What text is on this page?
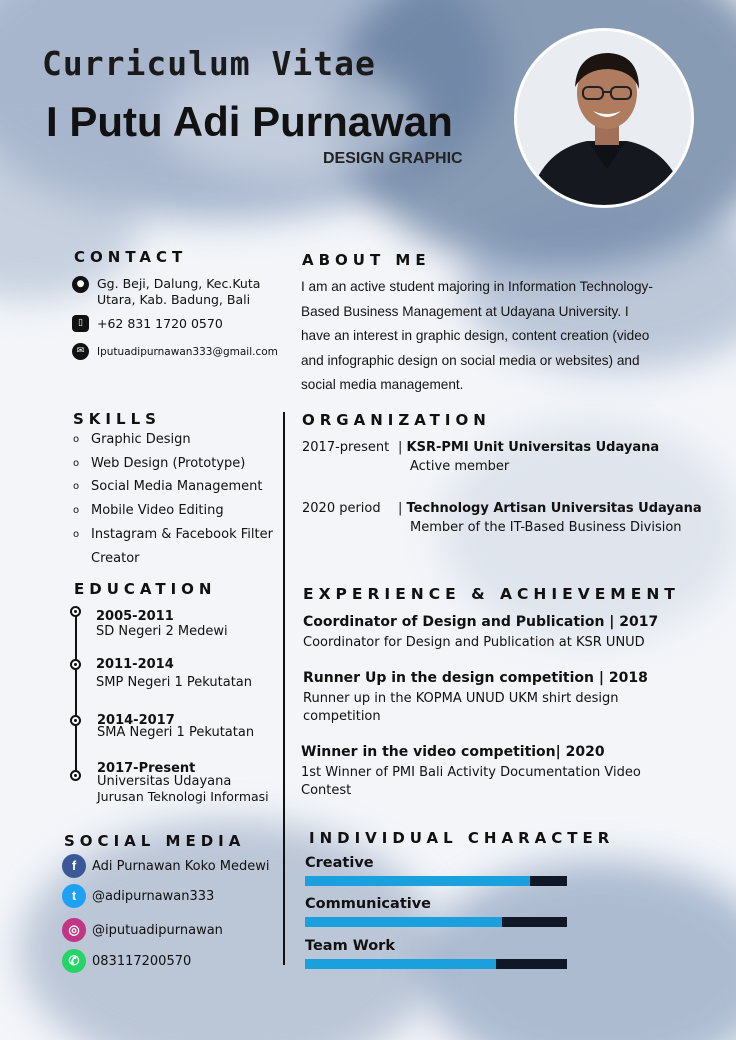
Curriculum Vitae
I Putu Adi Purnawan
DESIGN GRAPHIC
CONTACT
●	Gg. Beji, Dalung, Kec.Kuta
Utara, Kab. Badung, Bali
▯	+62 831 1720 0570
✉	Iputuadipurnawan333@gmail.com
ABOUT ME
I am an active student majoring in Information Technology-Based Business Management at Udayana University. I have an interest in graphic design, content creation (video and infographic design on social media or websites) and social media management.
SKILLS
o Graphic Design
o Web Design (Prototype)
o Social Media Management
o Mobile Video Editing
o Instagram & Facebook Filter
Creator
ORGANIZATION
2017-present | KSR-PMI Unit Universitas Udayana
Active member
2020 period | Technology Artisan Universitas Udayana
Member of the IT-Based Business Division
EDUCATION
2005-2011
SD Negeri 2 Medewi
2011-2014
SMP Negeri 1 Pekutatan
2014-2017
SMA Negeri 1 Pekutatan
2017-Present
Universitas Udayana
Jurusan Teknologi Informasi
EXPERIENCE & ACHIEVEMENT
Coordinator of Design and Publication | 2017
Coordinator for Design and Publication at KSR UNUD
Runner Up in the design competition | 2018
Runner up in the KOPMA UNUD UKM shirt design competition
Winner in the video competition| 2020
1st Winner of PMI Bali Activity Documentation Video Contest
SOCIAL MEDIA
f	Adi Purnawan Koko Medewi
t	@adipurnawan333
◎ @iputuadipurnawan
✆ 083117200570
INDIVIDUAL CHARACTER
Creative
Communicative
Team Work
